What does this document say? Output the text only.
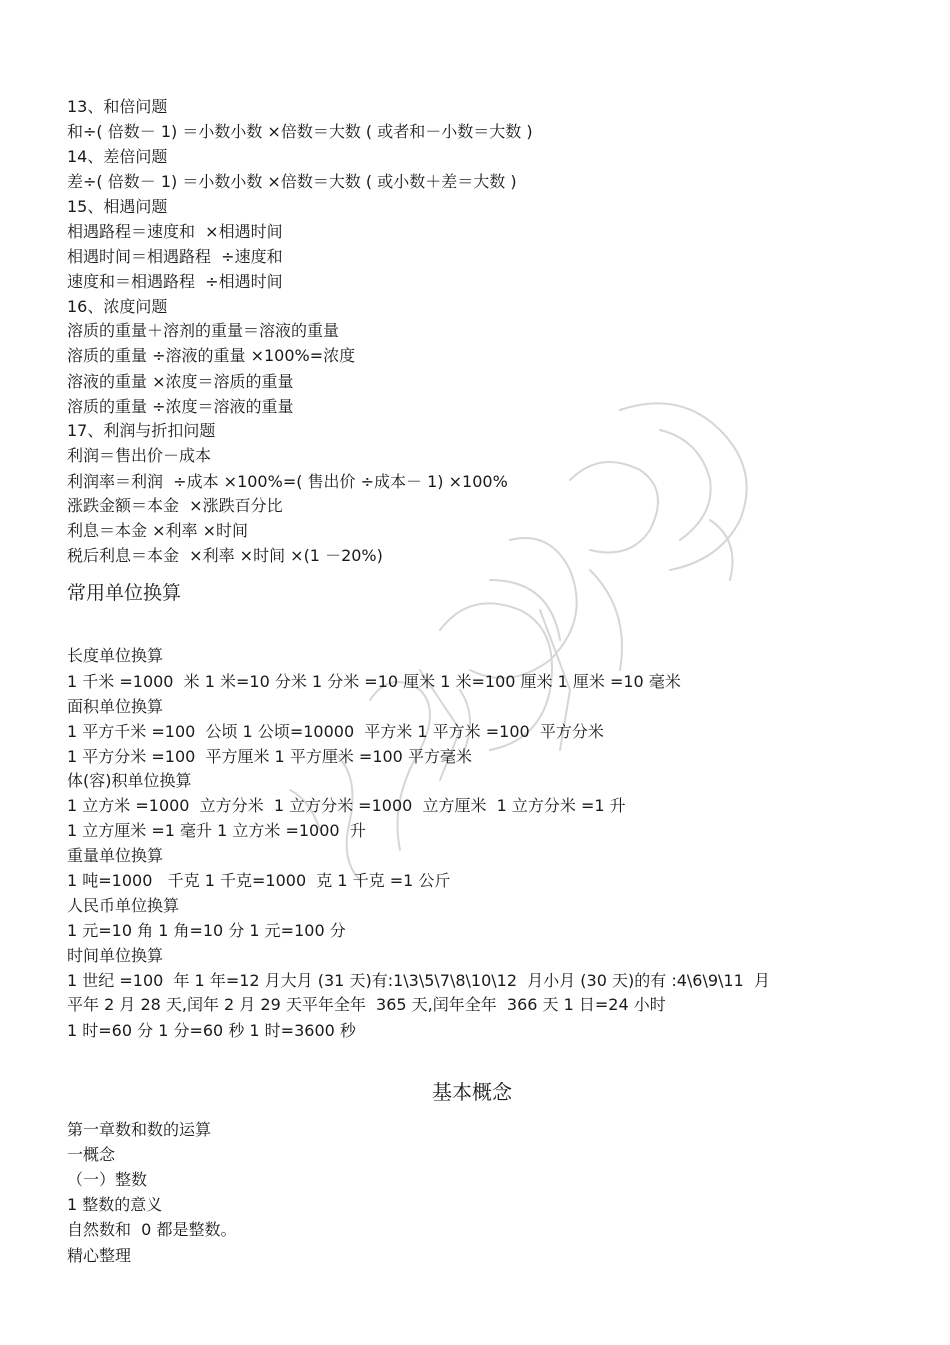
13、和倍问题
和÷( 倍数－ 1) ＝小数小数 ×倍数＝大数 ( 或者和－小数＝大数 )
14、差倍问题
差÷( 倍数－ 1) ＝小数小数 ×倍数＝大数 ( 或小数＋差＝大数 )
15、相遇问题
相遇路程＝速度和  ×相遇时间
相遇时间＝相遇路程  ÷速度和
速度和＝相遇路程  ÷相遇时间
16、浓度问题
溶质的重量＋溶剂的重量＝溶液的重量
溶质的重量 ÷溶液的重量 ×100%=浓度
溶液的重量 ×浓度＝溶质的重量
溶质的重量 ÷浓度＝溶液的重量
17、利润与折扣问题
利润＝售出价－成本
利润率＝利润  ÷成本 ×100%=( 售出价 ÷成本－ 1) ×100%
涨跌金额＝本金  ×涨跌百分比
利息＝本金 ×利率 ×时间
税后利息＝本金  ×利率 ×时间 ×(1 －20%)
常用单位换算
长度单位换算
1 千米 =1000  米 1 米=10 分米 1 分米 =10 厘米 1 米=100 厘米 1 厘米 =10 毫米
面积单位换算
1 平方千米 =100  公顷 1 公顷=10000  平方米 1 平方米 =100  平方分米
1 平方分米 =100  平方厘米 1 平方厘米 =100 平方毫米
体(容)积单位换算
1 立方米 =1000  立方分米  1 立方分米 =1000  立方厘米  1 立方分米 =1 升
1 立方厘米 =1 毫升 1 立方米 =1000  升
重量单位换算
1 吨=1000   千克 1 千克=1000  克 1 千克 =1 公斤
人民币单位换算
1 元=10 角 1 角=10 分 1 元=100 分
时间单位换算
1 世纪 =100  年 1 年=12 月大月 (31 天)有:1\3\5\7\8\10\12  月小月 (30 天)的有 :4\6\9\11  月
平年 2 月 28 天,闰年 2 月 29 天平年全年  365 天,闰年全年  366 天 1 日=24 小时
1 时=60 分 1 分=60 秒 1 时=3600 秒
基本概念
第一章数和数的运算
一概念
（一）整数
1 整数的意义
自然数和  0 都是整数。
精心整理
